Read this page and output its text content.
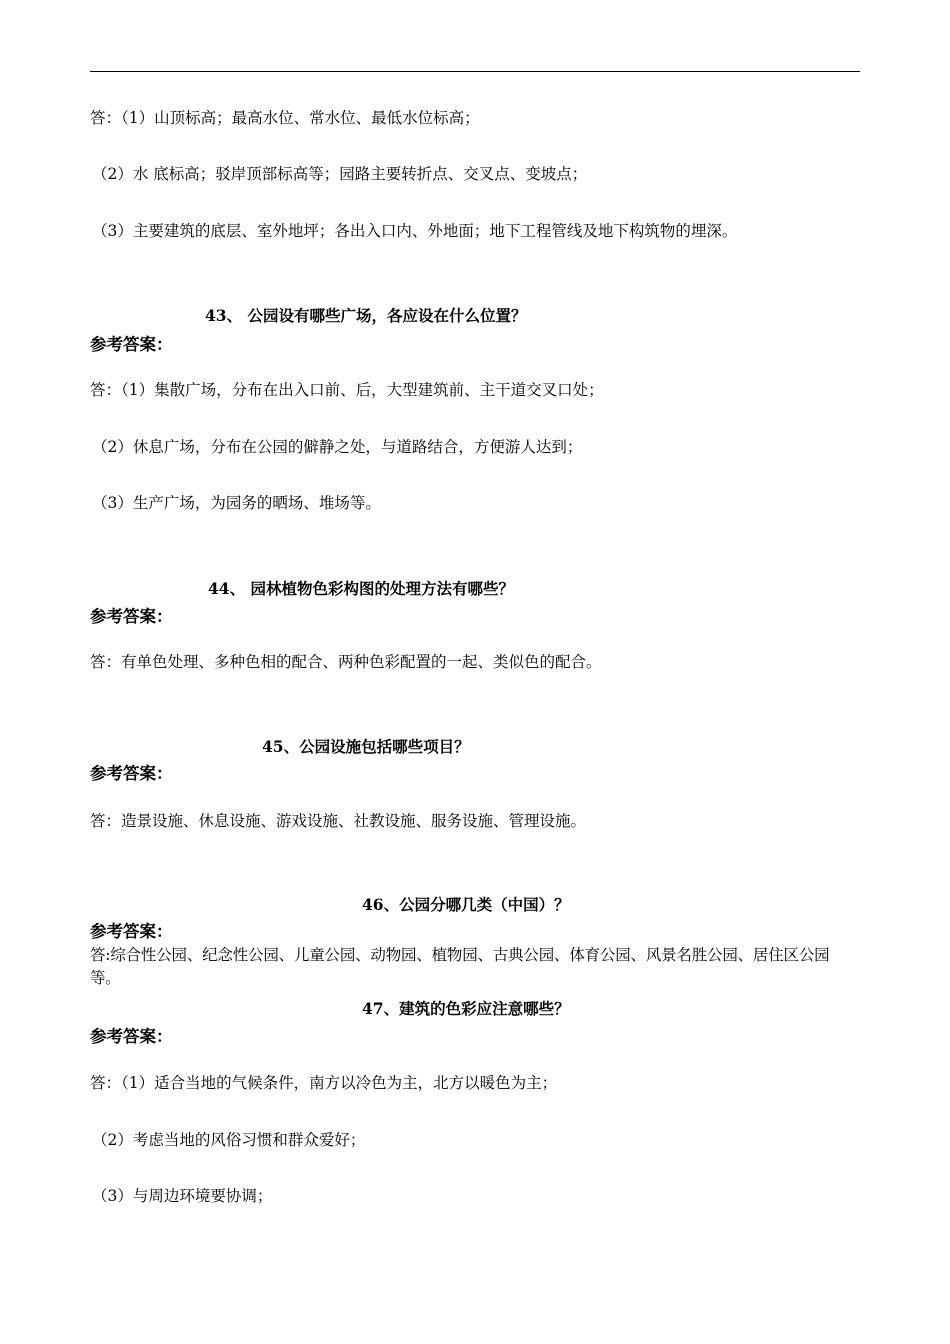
答：（1）山顶标高；最高水位、常水位、最低水位标高；
（2）水 底标高；驳岸顶部标高等；园路主要转折点、交叉点、变坡点；
（3）主要建筑的底层、室外地坪；各出入口内、外地面；地下工程管线及地下构筑物的埋深。
43、 公园设有哪些广场，各应设在什么位置？
参考答案：
答：（1）集散广场，分布在出入口前、后，大型建筑前、主干道交叉口处；
（2）休息广场，分布在公园的僻静之处，与道路结合，方便游人达到；
（3）生产广场，为园务的晒场、堆场等。
44、 园林植物色彩构图的处理方法有哪些？
参考答案：
答：有单色处理、多种色相的配合、两种色彩配置的一起、类似色的配合。
45、公园设施包括哪些项目？
参考答案：
答：造景设施、休息设施、游戏设施、社教设施、服务设施、管理设施。
46、公园分哪几类（中国）？
参考答案：
答:综合性公园、纪念性公园、儿童公园、动物园、植物园、古典公园、体育公园、风景名胜公园、居住区公园等。
47、建筑的色彩应注意哪些？
参考答案：
答：（1）适合当地的气候条件，南方以冷色为主，北方以暖色为主；
（2）考虑当地的风俗习惯和群众爱好；
（3）与周边环境要协调；
